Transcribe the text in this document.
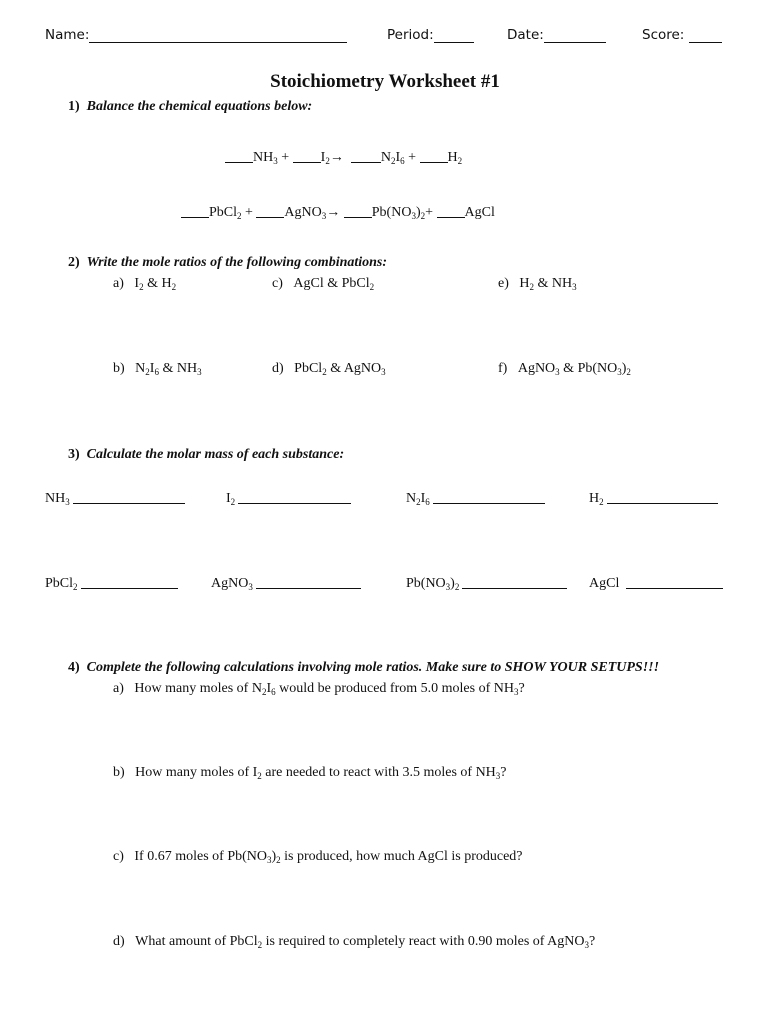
Name:	Period:	Date:	Score:
Stoichiometry Worksheet #1
1) Balance the chemical equations below:
$NH_3 + I_2\to$	$N_2I_6 + H_2$
PbCl$_2$ + AgNO$_3$→ $Pb(NO_3)_2+$ AgCl
2) Write the mole ratios of the following combinations:
a) $I_2$ & $H_2$	c) AgCl & PbCl$_2$	e) $H_2$ & $NH_3$
b) $N_2I_6$ & $NH_3$	d) PbCl$_2$ & AgNO$_3$	f) AgNO$_3$ & $Pb(NO_3)_2$
3) Calculate the molar mass of each substance:
$NH_3$	$I_2$	$N_2I_6$	$H_2$
PbCl$_2$	AgNO$_3$	$Pb(NO_3)_2$	AgCl
4) Complete the following calculations involving mole ratios. Make sure to SHOW YOUR SETUPS!!!
a) How many moles of $N_2I_6$ would be produced from 5.0 moles of $NH_3$?
b) How many moles of $I_2$ are needed to react with 3.5 moles of $NH_3$?
c) If 0.67 moles of $Pb(NO_3)_2$ is produced, how much AgCl is produced?
d) What amount of PbCl$_2$ is required to completely react with 0.90 moles of AgNO$_3$?
